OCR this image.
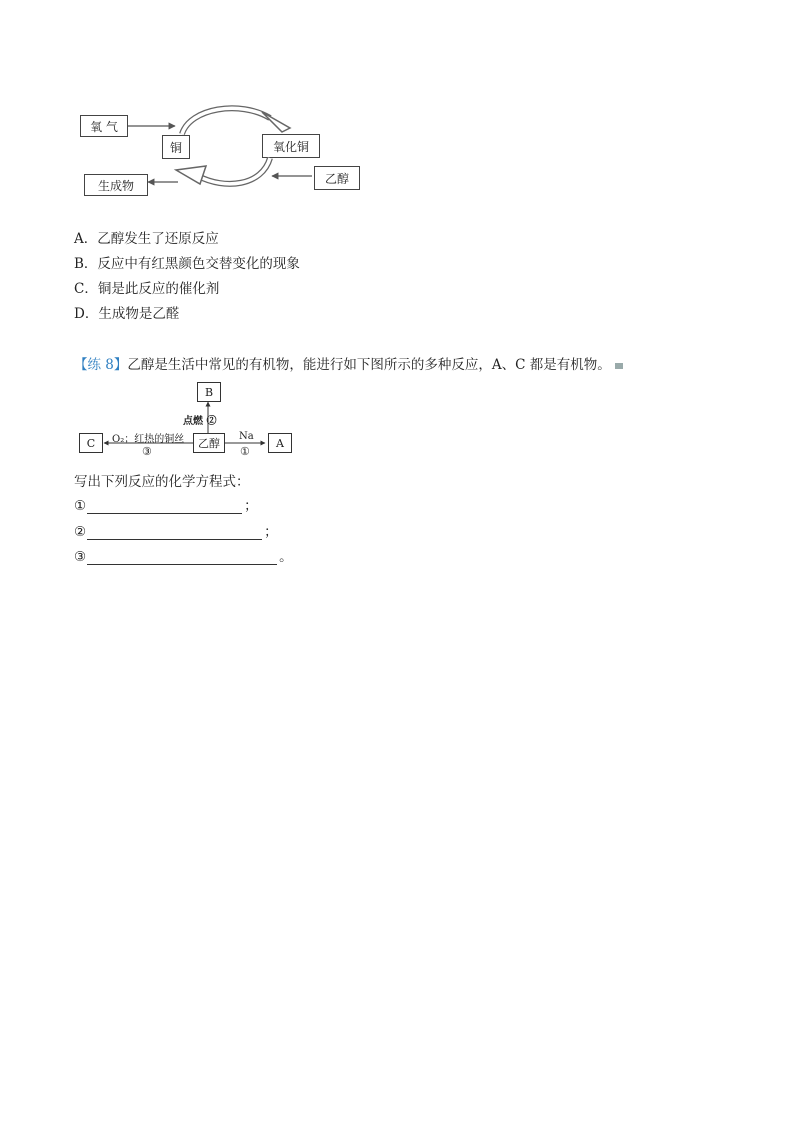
氧 气
铜	氧化铜
乙醇
生成物
A．乙醇发生了还原反应
B．反应中有红黑颜色交替变化的现象
C．铜是此反应的催化剂
D．生成物是乙醛
【练 8】乙醇是生活中常见的有机物，能进行如下图所示的多种反应，A、C 都是有机物。
B
C	乙醇	A
点燃 ②
O₂；红热的铜丝
③
Na
①
写出下列反应的化学方程式：
①	；
②	；
③	。
